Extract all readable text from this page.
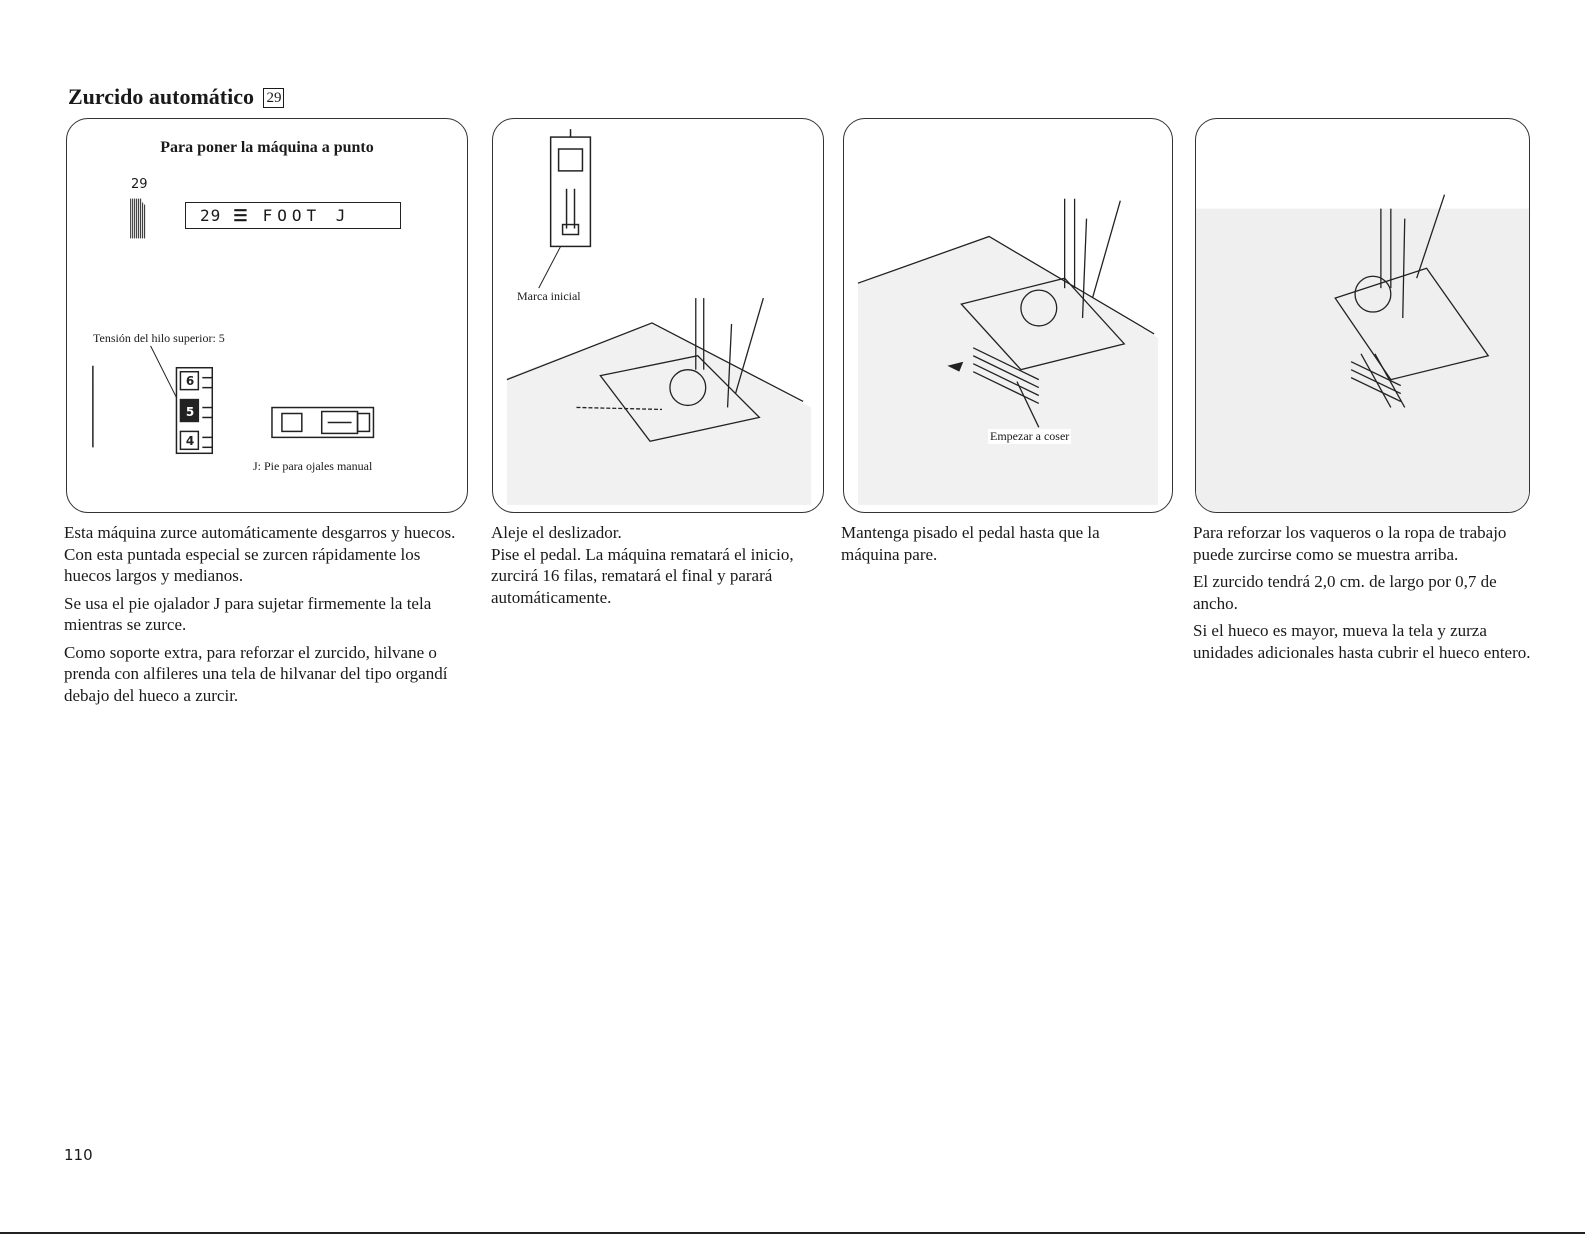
Zurcido automático 29
Para poner la máquina a punto
29
29 ☰ FOOT J
Tensión del hilo superior: 5
6
5
4
J: Pie para ojales manual
Marca inicial
Empezar a coser

Esta máquina zurce automáticamente desgarros y huecos. Con esta puntada especial se zurcen rápidamente los huecos largos y medianos.

Se usa el pie ojalador J para sujetar firmemente la tela mientras se zurce.

Como soporte extra, para reforzar el zurcido, hilvane o prenda con alfileres una tela de hilvanar del tipo organdí debajo del hueco a zurcir.

Aleje el deslizador.

Pise el pedal. La máquina rematará el inicio, zurcirá 16 filas, rematará el final y parará automáticamente.

Mantenga pisado el pedal hasta que la máquina pare.

Para reforzar los vaqueros o la ropa de trabajo puede zurcirse como se muestra arriba.

El zurcido tendrá 2,0 cm. de largo por 0,7 de ancho.

Si el hueco es mayor, mueva la tela y zurza unidades adicionales hasta cubrir el hueco entero.

110
